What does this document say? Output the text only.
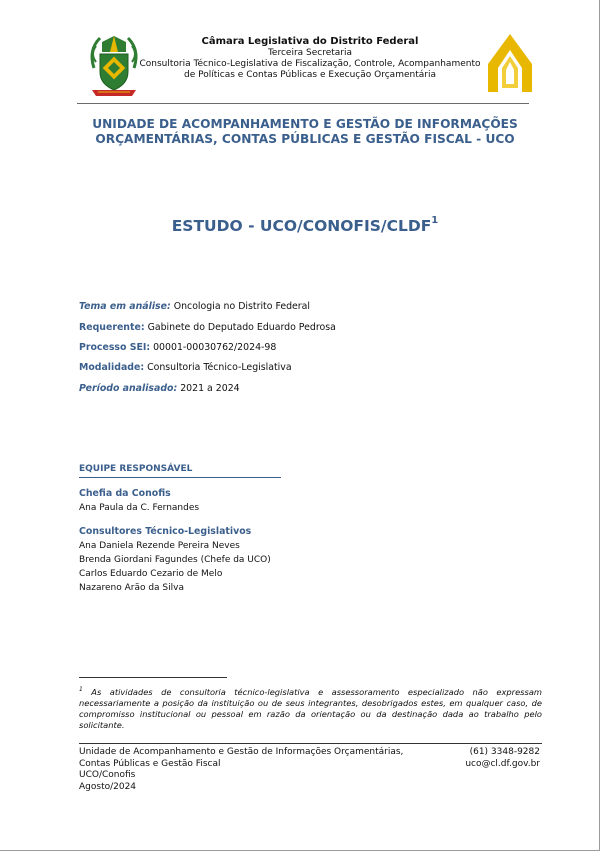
Câmara Legislativa do Distrito Federal
Terceira Secretaria
Consultoria Técnico-Legislativa de Fiscalização, Controle, Acompanhamento
de Políticas e Contas Públicas e Execução Orçamentária
UNIDADE DE ACOMPANHAMENTO E GESTÃO DE INFORMAÇÕES
ORÇAMENTÁRIAS, CONTAS PÚBLICAS E GESTÃO FISCAL - UCO
ESTUDO - UCO/CONOFIS/CLDF$^1$
Tema em análise: Oncologia no Distrito Federal
Requerente: Gabinete do Deputado Eduardo Pedrosa
Processo SEI: 00001-00030762/2024-98
Modalidade: Consultoria Técnico-Legislativa
Período analisado: 2021 a 2024
EQUIPE RESPONSÁVEL
Chefia da Conofis
Ana Paula da C. Fernandes
Consultores Técnico-Legislativos
Ana Daniela Rezende Pereira Neves
Brenda Giordani Fagundes (Chefe da UCO)
Carlos Eduardo Cezario de Melo
Nazareno Arão da Silva
$^1$ As atividades de consultoria técnico-legislativa e assessoramento especializado não expressam necessariamente a posição da instituição ou de seus integrantes, desobrigados estes, em qualquer caso, de compromisso institucional ou pessoal em razão da orientação ou da destinação dada ao trabalho pelo solicitante.
Unidade de Acompanhamento e Gestão de Informações Orçamentárias,
Contas Públicas e Gestão Fiscal
UCO/Conofis
Agosto/2024
(61) 3348-9282
uco@cl.df.gov.br
